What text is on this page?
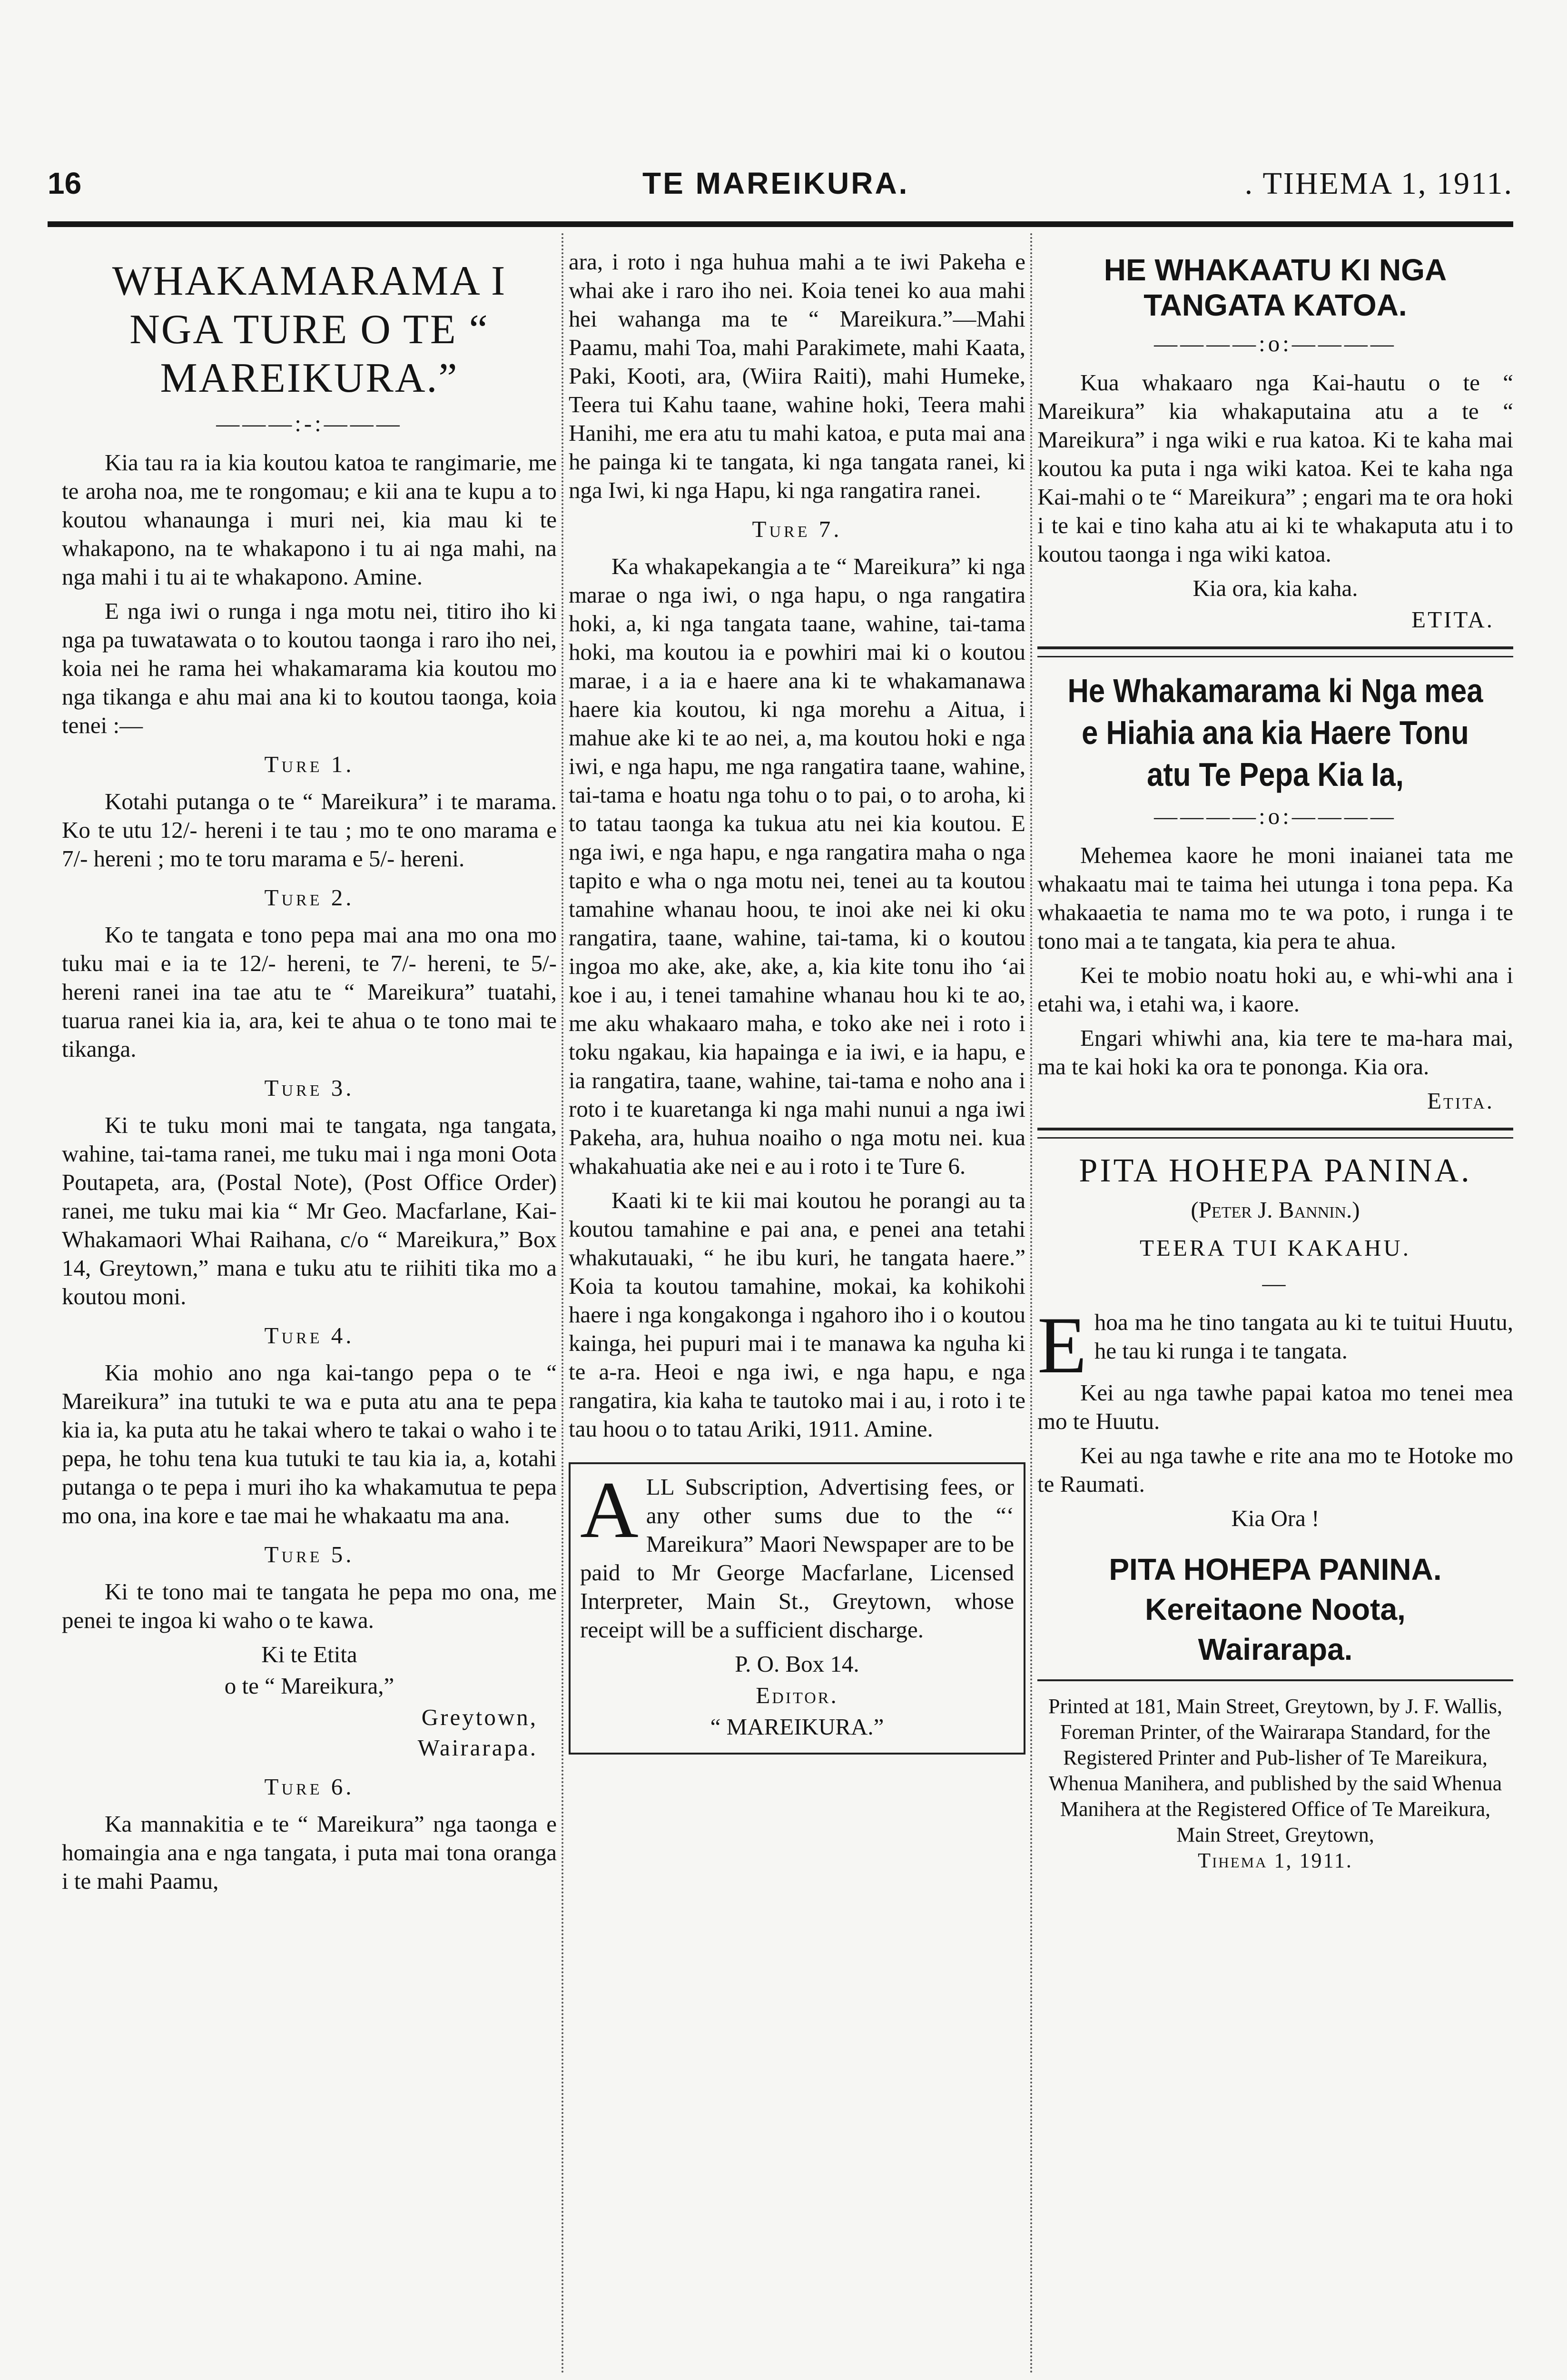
16	TE MAREIKURA.	. TIHEMA 1, 1911.
WHAKAMARAMA I NGA TURE O TE “ MAREIKURA.”
———:-:———

Kia tau ra ia kia koutou katoa te rangimarie, me te aroha noa, me te rongomau; e kii ana te kupu a to koutou whanaunga i muri nei, kia mau ki te whakapono, na te whakapono i tu ai nga mahi, na nga mahi i tu ai te whakapono. Amine.

E nga iwi o runga i nga motu nei, titiro iho ki nga pa tuwatawata o to koutou taonga i raro iho nei, koia nei he rama hei whakamarama kia koutou mo nga tikanga e ahu mai ana ki to koutou taonga, koia tenei :—

Ture 1.

Kotahi putanga o te “ Mareikura” i te marama. Ko te utu 12/- hereni i te tau ; mo te ono marama e 7/- hereni ; mo te toru marama e 5/- hereni.

Ture 2.

Ko te tangata e tono pepa mai ana mo ona mo tuku mai e ia te 12/- hereni, te 7/- hereni, te 5/- hereni ranei ina tae atu te “ Mareikura” tuatahi, tuarua ranei kia ia, ara, kei te ahua o te tono mai te tikanga.

Ture 3.

Ki te tuku moni mai te tangata, nga tangata, wahine, tai-tama ranei, me tuku mai i nga moni Oota Poutapeta, ara, (Postal Note), (Post Office Order) ranei, me tuku mai kia “ Mr Geo. Macfarlane, Kai-Whakamaori Whai Raihana, c/o “ Mareikura,” Box 14, Greytown,” mana e tuku atu te riihiti tika mo a koutou moni.

Ture 4.

Kia mohio ano nga kai-tango pepa o te “ Mareikura” ina tutuki te wa e puta atu ana te pepa kia ia, ka puta atu he takai whero te takai o waho i te pepa, he tohu tena kua tutuki te tau kia ia, a, kotahi putanga o te pepa i muri iho ka whakamutua te pepa mo ona, ina kore e tae mai he whakaatu ma ana.

Ture 5.

Ki te tono mai te tangata he pepa mo ona, me penei te ingoa ki waho o te kawa.

Ki te Etita
o te “ Mareikura,”
Greytown,
Wairarapa.
Ture 6.

Ka mannakitia e te “ Mareikura” nga taonga e homaingia ana e nga tangata, i puta mai tona oranga i te mahi Paamu,

ara, i roto i nga huhua mahi a te iwi Pakeha e whai ake i raro iho nei. Koia tenei ko aua mahi hei wahanga ma te “ Mareikura.”—Mahi Paamu, mahi Toa, mahi Parakimete, mahi Kaata, Paki, Kooti, ara, (Wiira Raiti), mahi Humeke, Teera tui Kahu taane, wahine hoki, Teera mahi Hanihi, me era atu tu mahi katoa, e puta mai ana he painga ki te tangata, ki nga tangata ranei, ki nga Iwi, ki nga Hapu, ki nga rangatira ranei.

Ture 7.

Ka whakapekangia a te “ Mareikura” ki nga marae o nga iwi, o nga hapu, o nga rangatira hoki, a, ki nga tangata taane, wahine, tai-tama hoki, ma koutou ia e powhiri mai ki o koutou marae, i a ia e haere ana ki te whakamanawa haere kia koutou, ki nga morehu a Aitua, i mahue ake ki te ao nei, a, ma koutou hoki e nga iwi, e nga hapu, me nga rangatira taane, wahine, tai-tama e hoatu nga tohu o to pai, o to aroha, ki to tatau taonga ka tukua atu nei kia koutou. E nga iwi, e nga hapu, e nga rangatira maha o nga tapito e wha o nga motu nei, tenei au ta koutou tamahine whanau hoou, te inoi ake nei ki oku rangatira, taane, wahine, tai-tama, ki o koutou ingoa mo ake, ake, ake, a, kia kite tonu iho ‘ai koe i au, i tenei tamahine whanau hou ki te ao, me aku whakaaro maha, e toko ake nei i roto i toku ngakau, kia hapainga e ia iwi, e ia hapu, e ia rangatira, taane, wahine, tai-tama e noho ana i roto i te kuaretanga ki nga mahi nunui a nga iwi Pakeha, ara, huhua noaiho o nga motu nei. kua whakahuatia ake nei e au i roto i te Ture 6.

Kaati ki te kii mai koutou he porangi au ta koutou tamahine e pai ana, e penei ana tetahi whakutauaki, “ he ibu kuri, he tangata haere.” Koia ta koutou tamahine, mokai, ka kohikohi haere i nga kongakonga i ngahoro iho i o koutou kainga, hei pupuri mai i te manawa ka nguha ki te a-ra. Heoi e nga iwi, e nga hapu, e nga rangatira, kia kaha te tautoko mai i au, i roto i te tau hoou o to tatau Ariki, 1911. Amine.

A LL Subscription, Advertising fees, or any other sums due to the “‘ Mareikura” Maori Newspaper are to be paid to Mr George Macfarlane, Licensed Interpreter, Main St., Greytown, whose receipt will be a sufficient discharge.

P. O. Box 14.
Editor.
“ MAREIKURA.”
HE WHAKAATU KI NGA TANGATA KATOA.
————:o:————

Kua whakaaro nga Kai-hautu o te “ Mareikura” kia whakaputaina atu a te “ Mareikura” i nga wiki e rua katoa. Ki te kaha mai koutou ka puta i nga wiki katoa. Kei te kaha nga Kai-mahi o te “ Mareikura” ; engari ma te ora hoki i te kai e tino kaha atu ai ki te whakaputa atu i to koutou taonga i nga wiki katoa.

Kia ora, kia kaha.
ETITA.
He Whakamarama ki Nga mea e Hiahia ana kia Haere Tonu atu Te Pepa Kia Ia,
————:o:————

Mehemea kaore he moni inaianei tata me whakaatu mai te taima hei utunga i tona pepa. Ka whakaaetia te nama mo te wa poto, i runga i te tono mai a te tangata, kia pera te ahua.

Kei te mobio noatu hoki au, e whi-whi ana i etahi wa, i etahi wa, i kaore.

Engari whiwhi ana, kia tere te ma-hara mai, ma te kai hoki ka ora te pononga. Kia ora.

Etita.
PITA HOHEPA PANINA.
(Peter J. Bannin.)
TEERA TUI KAKAHU.
—
E hoa ma he tino tangata au ki te tuitui Huutu, he tau ki runga i te tangata.

Kei au nga tawhe papai katoa mo tenei mea mo te Huutu.

Kei au nga tawhe e rite ana mo te Hotoke mo te Raumati.

Kia Ora !
PITA HOHEPA PANINA.
Kereitaone Noota,
Wairarapa.
Printed at 181, Main Street, Greytown, by J. F. Wallis, Foreman Printer, of the Wairarapa Standard, for the Registered Printer and Pub-lisher of Te Mareikura, Whenua Manihera, and published by the said Whenua Manihera at the Registered Office of Te Mareikura, Main Street, Greytown,
Tihema 1, 1911.
